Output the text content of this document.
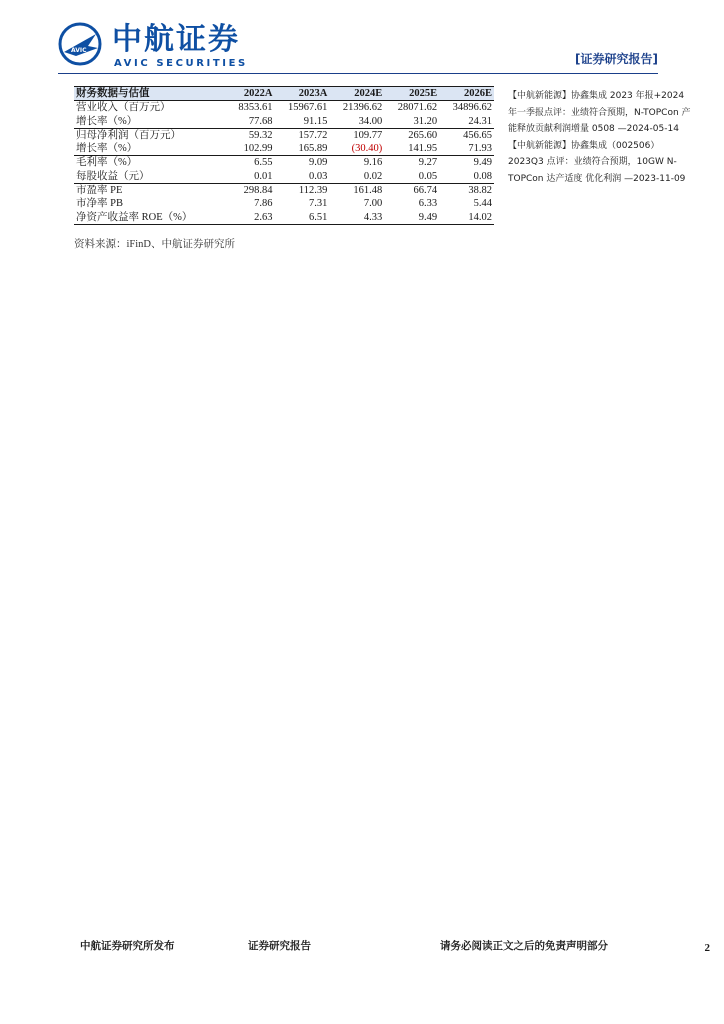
AVIC 中航证券
AVIC SECURITIES	[证券研究报告]
财务数据与估值	2022A	2023A	2024E	2025E	2026E
营业收入（百万元）	8353.61	15967.61	21396.62	28071.62	34896.62
增长率（%）	77.68	91.15	34.00	31.20	24.31
归母净利润（百万元）	59.32	157.72	109.77	265.60	456.65
增长率（%）	102.99	165.89	(30.40)	141.95	71.93
毛利率（%）	6.55	9.09	9.16	9.27	9.49
每股收益（元）	0.01	0.03	0.02	0.05	0.08
市盈率 PE	298.84	112.39	161.48	66.74	38.82
市净率 PB	7.86	7.31	7.00	6.33	5.44
净资产收益率 ROE（%）	2.63	6.51	4.33	9.49	14.02
资料来源：iFinD、中航证券研究所

【中航新能源】协鑫集成 2023 年报+2024 年一季报点评：业绩符合预期，N-TOPCon 产能释放贡献利润增量 0508 —2024-05-14

【中航新能源】协鑫集成（002506）2023Q3 点评：业绩符合预期，10GW N-TOPCon 达产适度 优化利润 —2023-11-09

中航证券研究所发布	证券研究报告	请务必阅读正文之后的免责声明部分	2
